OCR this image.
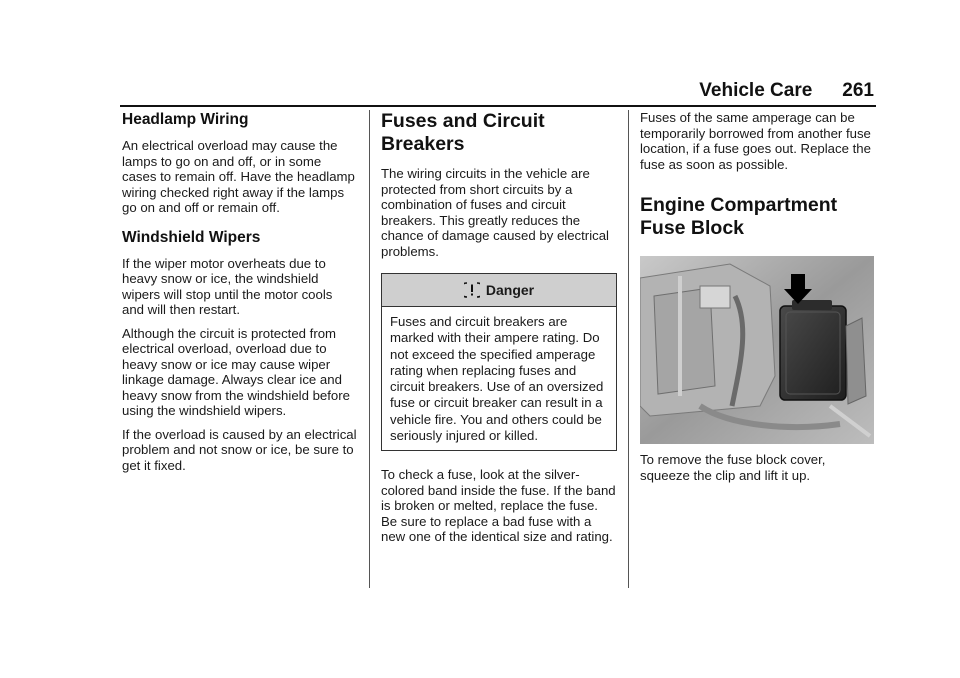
Vehicle Care 261
Headlamp Wiring

An electrical overload may cause the lamps to go on and off, or in some cases to remain off. Have the headlamp wiring checked right away if the lamps go on and off or remain off.

Windshield Wipers

If the wiper motor overheats due to heavy snow or ice, the windshield wipers will stop until the motor cools and will then restart.

Although the circuit is protected from electrical overload, overload due to heavy snow or ice may cause wiper linkage damage. Always clear ice and heavy snow from the windshield before using the windshield wipers.

If the overload is caused by an electrical problem and not snow or ice, be sure to get it fixed.

Fuses and Circuit Breakers

The wiring circuits in the vehicle are protected from short circuits by a combination of fuses and circuit breakers. This greatly reduces the chance of damage caused by electrical problems.

Danger

Fuses and circuit breakers are marked with their ampere rating. Do not exceed the specified amperage rating when replacing fuses and circuit breakers. Use of an oversized fuse or circuit breaker can result in a vehicle fire. You and others could be seriously injured or killed.

To check a fuse, look at the silver-colored band inside the fuse. If the band is broken or melted, replace the fuse. Be sure to replace a bad fuse with a new one of the identical size and rating.

Fuses of the same amperage can be temporarily borrowed from another fuse location, if a fuse goes out. Replace the fuse as soon as possible.

Engine Compartment Fuse Block

To remove the fuse block cover, squeeze the clip and lift it up.
